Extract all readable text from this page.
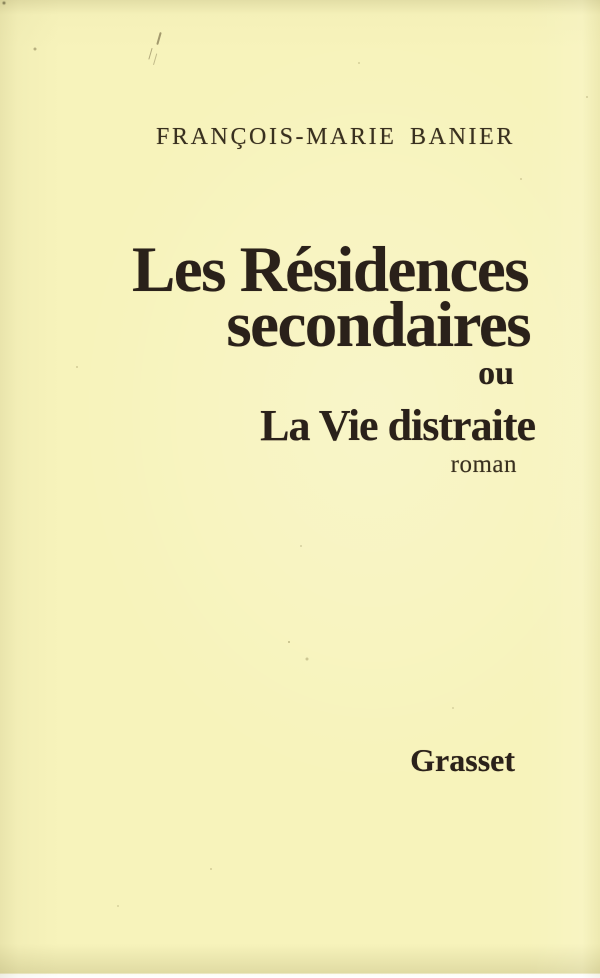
FRANÇOIS-MARIE BANIER
Les Résidences
secondaires
ou
La Vie distraite
roman
Grasset
